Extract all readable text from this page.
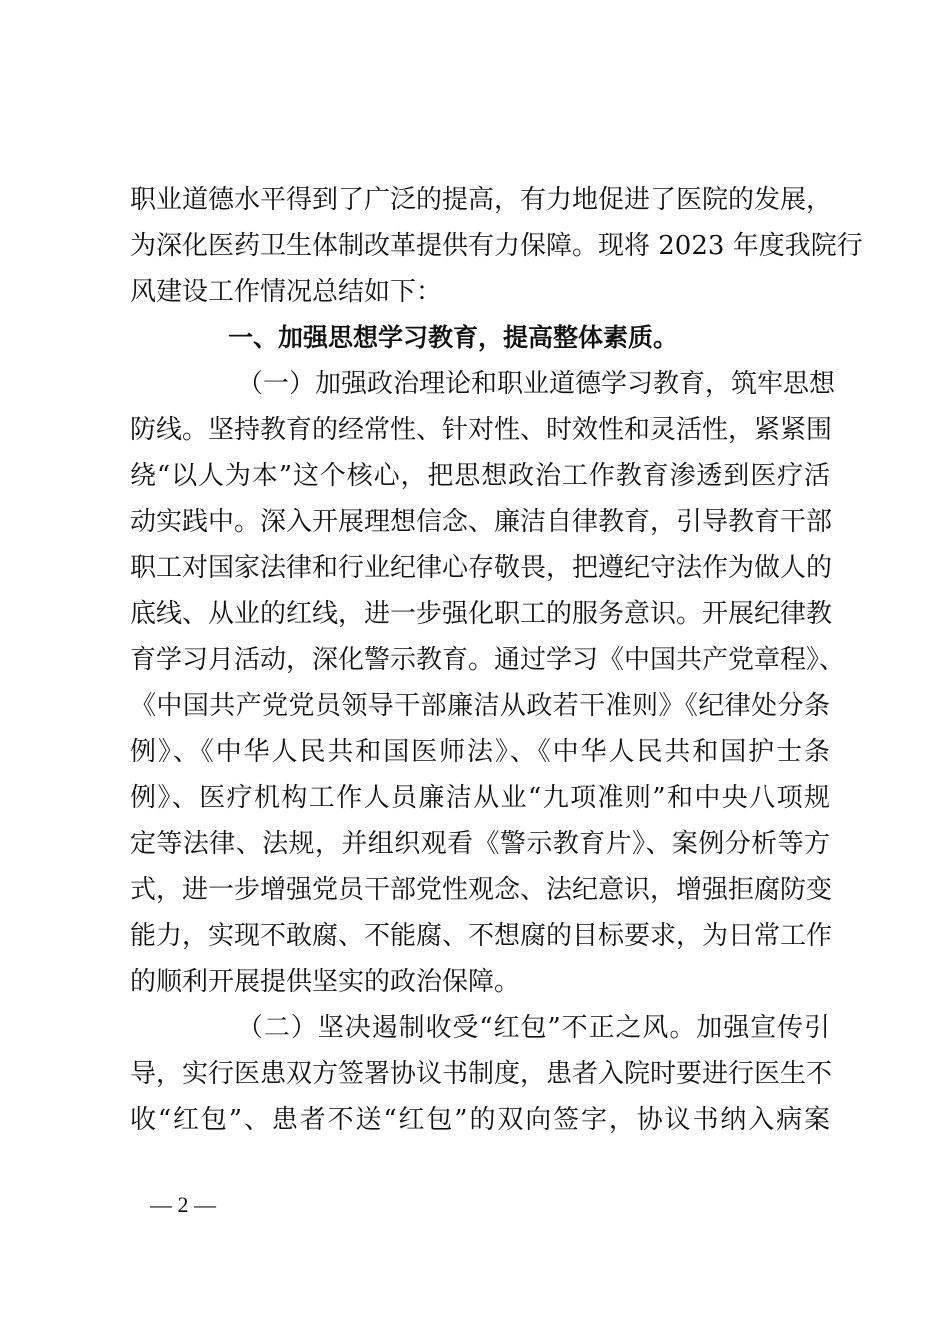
职业道德水平得到了广泛的提高，有力地促进了医院的发展，
为深化医药卫生体制改革提供有力保障。现将 2023 年度我院行
风建设工作情况总结如下：
一、加强思想学习教育，提高整体素质。
（一）加强政治理论和职业道德学习教育，筑牢思想
防线。坚持教育的经常性、针对性、时效性和灵活性，紧紧围
绕“以人为本”这个核心，把思想政治工作教育渗透到医疗活
动实践中。深入开展理想信念、廉洁自律教育，引导教育干部
职工对国家法律和行业纪律心存敬畏，把遵纪守法作为做人的
底线、从业的红线，进一步强化职工的服务意识。开展纪律教
育学习月活动，深化警示教育。通过学习《中国共产党章程》、
《中国共产党党员领导干部廉洁从政若干准则》《纪律处分条
例》、《中华人民共和国医师法》、《中华人民共和国护士条
例》、医疗机构工作人员廉洁从业“九项准则”和中央八项规
定等法律、法规，并组织观看《警示教育片》、案例分析等方
式，进一步增强党员干部党性观念、法纪意识，增强拒腐防变
能力，实现不敢腐、不能腐、不想腐的目标要求，为日常工作
的顺利开展提供坚实的政治保障。
（二）坚决遏制收受“红包”不正之风。加强宣传引
导，实行医患双方签署协议书制度，患者入院时要进行医生不
收“红包”、患者不送“红包”的双向签字，协议书纳入病案
— 2 —
